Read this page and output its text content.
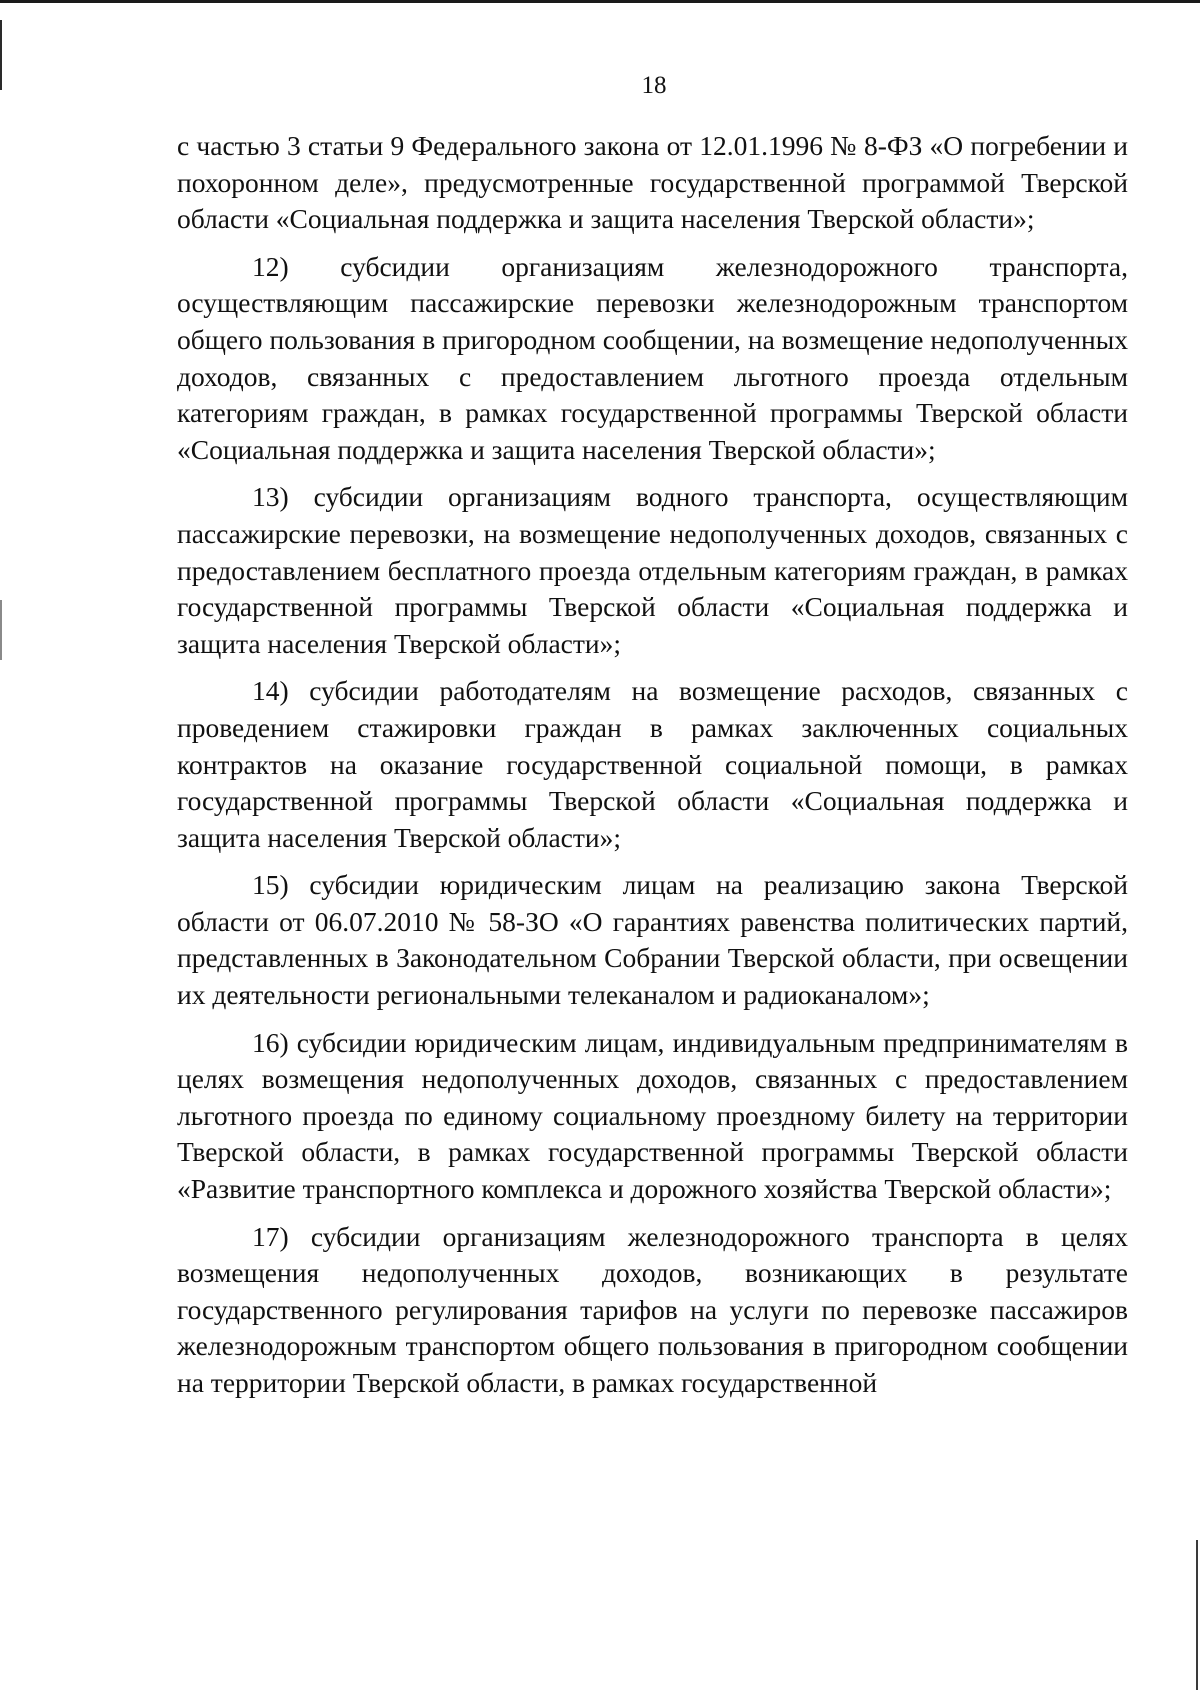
18

с частью 3 статьи 9 Федерального закона от 12.01.1996 № 8-ФЗ «О погребении и похоронном деле», предусмотренные государственной программой Тверской области «Социальная поддержка и защита населения Тверской области»;

12) субсидии организациям железнодорожного транспорта, осуществляющим пассажирские перевозки железнодорожным транспортом общего пользования в пригородном сообщении, на возмещение недополученных доходов, связанных с предоставлением льготного проезда отдельным категориям граждан, в рамках государственной программы Тверской области «Социальная поддержка и защита населения Тверской области»;

13) субсидии организациям водного транспорта, осуществляющим пассажирские перевозки, на возмещение недополученных доходов, связанных с предоставлением бесплатного проезда отдельным категориям граждан, в рамках государственной программы Тверской области «Социальная поддержка и защита населения Тверской области»;

14) субсидии работодателям на возмещение расходов, связанных с проведением стажировки граждан в рамках заключенных социальных контрактов на оказание государственной социальной помощи, в рамках государственной программы Тверской области «Социальная поддержка и защита населения Тверской области»;

15) субсидии юридическим лицам на реализацию закона Тверской области от 06.07.2010 № 58-ЗО «О гарантиях равенства политических партий, представленных в Законодательном Собрании Тверской области, при освещении их деятельности региональными телеканалом и радиоканалом»;

16) субсидии юридическим лицам, индивидуальным предпринимателям в целях возмещения недополученных доходов, связанных с предоставлением льготного проезда по единому социальному проездному билету на территории Тверской области, в рамках государственной программы Тверской области «Развитие транспортного комплекса и дорожного хозяйства Тверской области»;

17) субсидии организациям железнодорожного транспорта в целях возмещения недополученных доходов, возникающих в результате государственного регулирования тарифов на услуги по перевозке пассажиров железнодорожным транспортом общего пользования в пригородном сообщении на территории Тверской области, в рамках государственной
